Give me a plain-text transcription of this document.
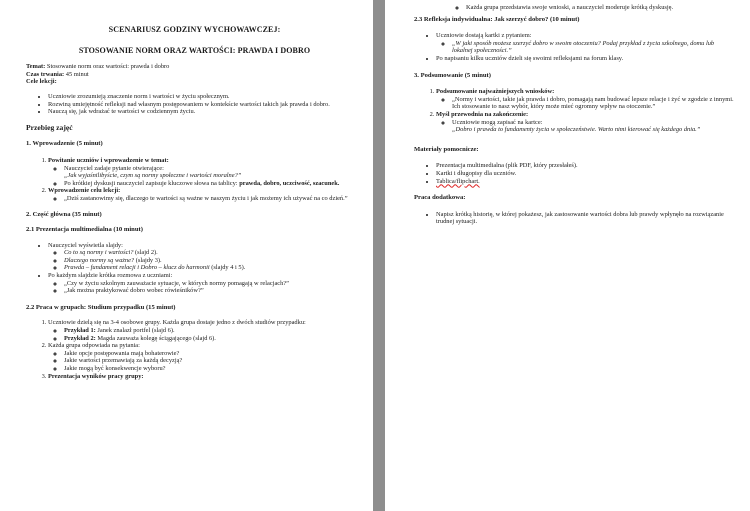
SCENARIUSZ GODZINY WYCHOWAWCZEJ:

STOSOWANIE NORM ORAZ WARTOŚCI: PRAWDA I DOBRO

Temat: Stosowanie norm oraz wartości: prawda i dobro

Czas trwania: 45 minut

Cele lekcji:

• Uczniowie zrozumieją znaczenie norm i wartości w życiu społecznym.
• Rozwiną umiejętność refleksji nad własnym postępowaniem w kontekście wartości takich jak prawda i dobro.
• Nauczą się, jak wdrażać te wartości w codziennym życiu.

Przebieg zajęć

1. Wprowadzenie (5 minut)

1. Powitanie uczniów i wprowadzenie w temat:
◦ Nauczyciel zadaje pytanie otwierające:
„Jak wyjaśnilibyście, czym są normy społeczne i wartości moralne?”
◦ Po krótkiej dyskusji nauczyciel zapisuje kluczowe słowa na tablicy: prawda, dobro, uczciwość, szacunek.
2. Wprowadzenie celu lekcji:
◦ „Dziś zastanowimy się, dlaczego te wartości są ważne w naszym życiu i jak możemy ich używać na co dzień.”

2. Część główna (35 minut)

2.1 Prezentacja multimedialna (10 minut)

• Nauczyciel wyświetla slajdy:
◦ Co to są normy i wartości? (slajd 2).
◦ Dlaczego normy są ważne? (slajdy 3).
◦ Prawda – fundament relacji i Dobro – klucz do harmonii (slajdy 4 i 5).
• Po każdym slajdzie krótka rozmowa z uczniami:
◦ „Czy w życiu szkolnym zauważacie sytuacje, w których normy pomagają w relacjach?”
◦ „Jak można praktykować dobro wobec rówieśników?”

2.2 Praca w grupach: Studium przypadku (15 minut)

1. Uczniowie dzielą się na 3-4 osobowe grupy. Każda grupa dostaje jedno z dwóch studiów przypadku:
◦ Przykład 1: Janek znalazł portfel (slajd 6).
◦ Przykład 2: Magda zauważa kolegę ściągającego (slajd 6).
2. Każda grupa odpowiada na pytania:
◦ Jakie opcje postępowania mają bohaterowie?
◦ Jakie wartości przemawiają za każdą decyzją?
◦ Jakie mogą być konsekwencje wyboru?
3. Prezentacja wyników pracy grupy:
◦ Każda grupa przedstawia swoje wnioski, a nauczyciel moderuje krótką dyskusję.

2.3 Refleksja indywidualna: Jak szerzyć dobro? (10 minut)

• Uczniowie dostają kartki z pytaniem:
◦ „W jaki sposób możesz szerzyć dobro w swoim otoczeniu? Podaj przykład z życia szkolnego, domu lub lokalnej społeczności.”
• Po napisaniu kilku uczniów dzieli się swoimi refleksjami na forum klasy.

3. Podsumowanie (5 minut)

1. Podsumowanie najważniejszych wniosków:
◦ „Normy i wartości, takie jak prawda i dobro, pomagają nam budować lepsze relacje i żyć w zgodzie z innymi. Ich stosowanie to nasz wybór, który może mieć ogromny wpływ na otoczenie.”
2. Myśl przewodnia na zakończenie:
◦ Uczniowie mogą zapisać na kartce:
„Dobro i prawda to fundamenty życia w społeczeństwie. Warto nimi kierować się każdego dnia.”

Materiały pomocnicze:

• Prezentacja multimedialna (plik PDF, który przesłałeś).
• Kartki i długopisy dla uczniów.
• Tablica/flipchart.

Praca dodatkowa:

• Napisz krótką historię, w której pokażesz, jak zastosowanie wartości dobra lub prawdy wpłynęło na rozwiązanie trudnej sytuacji.
